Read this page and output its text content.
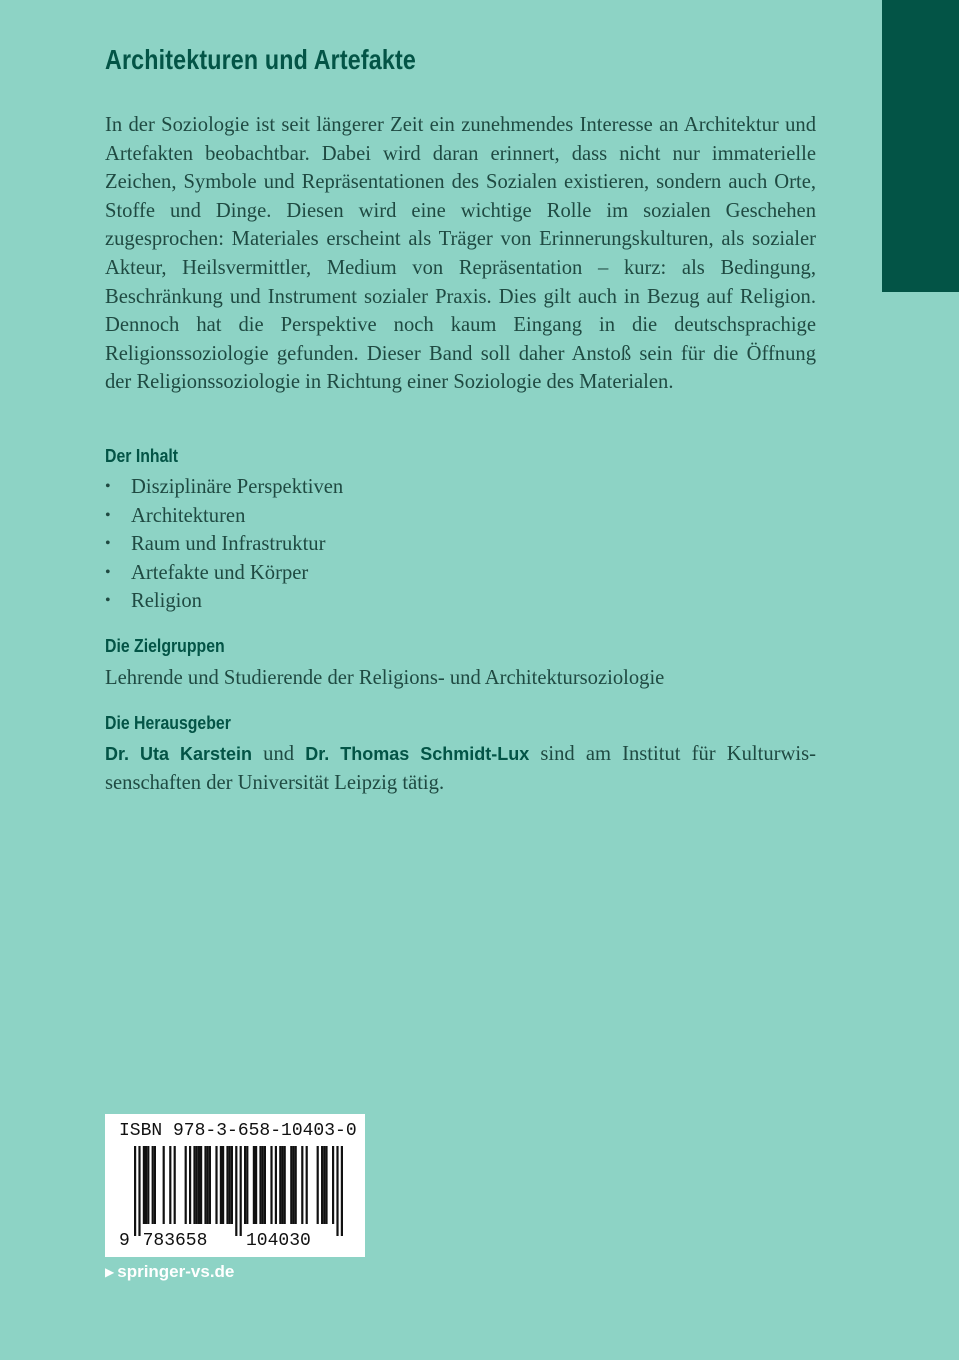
Architekturen und Artefakte

In der Soziologie ist seit längerer Zeit ein zunehmendes Interesse an Architektur und Artefakten beobachtbar. Dabei wird daran erinnert, dass nicht nur immaterielle Zeichen, Symbole und Repräsentationen des Sozialen existieren, sondern auch Orte, Stoffe und Dinge. Diesen wird eine wichtige Rolle im sozialen Geschehen zugesprochen: Materiales erscheint als Träger von Erinnerungskulturen, als sozialer Akteur, Heilsvermittler, Medium von Repräsentation – kurz: als Bedingung, Beschränkung und Instrument sozialer Praxis. Dies gilt auch in Bezug auf Religion. Dennoch hat die Perspektive noch kaum Eingang in die deutschsprachige Religionssoziologie gefunden. Dieser Band soll daher Anstoß sein für die Öffnung der Religionssoziologie in Richtung einer Soziologie des Materialen.

Der Inhalt
• Disziplinäre Perspektiven
• Architekturen
• Raum und Infrastruktur
• Artefakte und Körper
• Religion
Die Zielgruppen

Lehrende und Studierende der Religions- und Architektursoziologie

Die Herausgeber

Dr. Uta Karstein und Dr. Thomas Schmidt-Lux sind am Institut für Kulturwissenschaften der Universität Leipzig tätig.

ISBN 978-3-658-10403-0
9 783658 104030
▶ springer-vs.de
